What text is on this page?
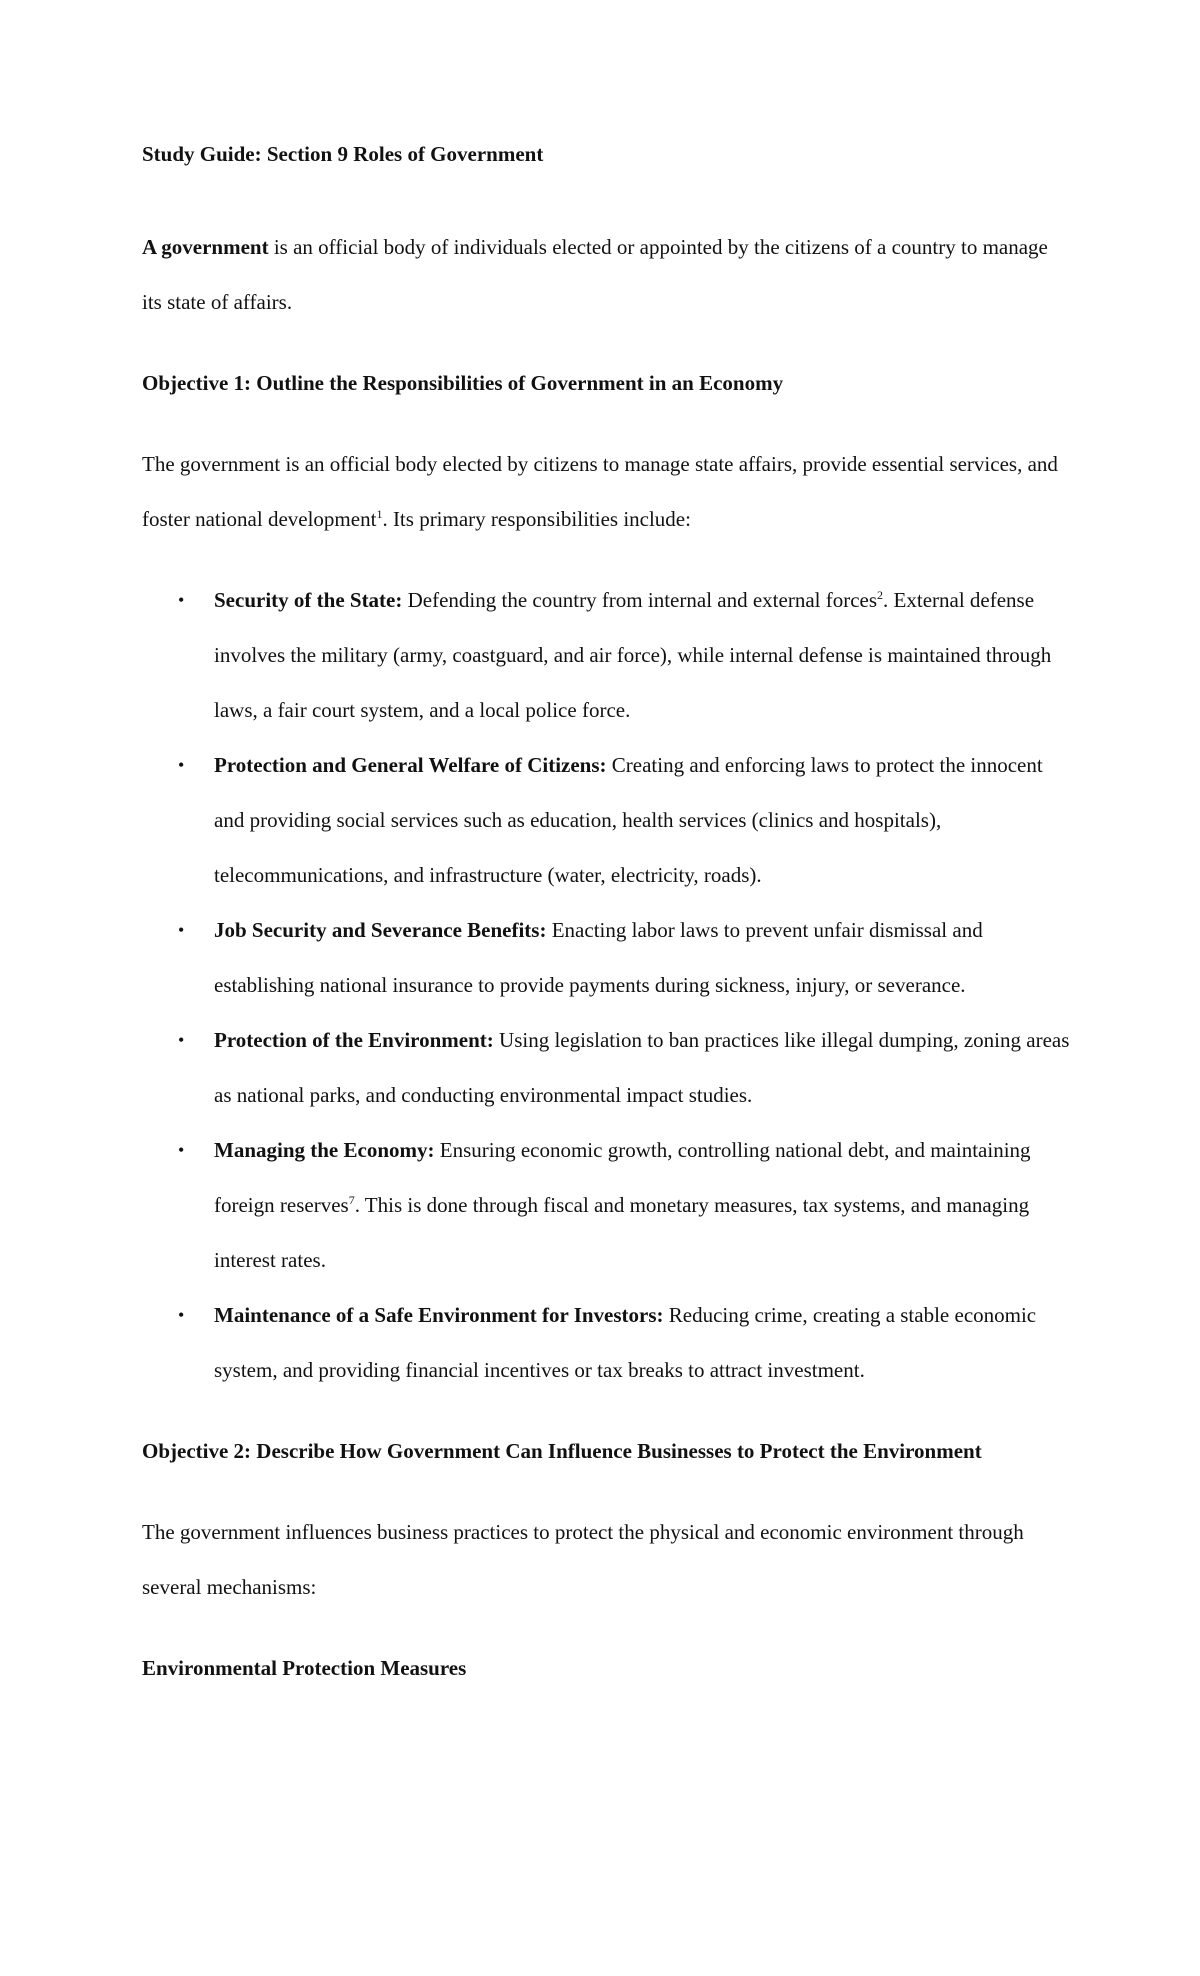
Study Guide: Section 9 Roles of Government

A government is an official body of individuals elected or appointed by the citizens of a country to manage its state of affairs.

Objective 1: Outline the Responsibilities of Government in an Economy

The government is an official body elected by citizens to manage state affairs, provide essential services, and foster national development$^1$. Its primary responsibilities include:

• Security of the State: Defending the country from internal and external forces$^2$. External defense involves the military (army, coastguard, and air force), while internal defense is maintained through laws, a fair court system, and a local police force.
• Protection and General Welfare of Citizens: Creating and enforcing laws to protect the innocent and providing social services such as education, health services (clinics and hospitals), telecommunications, and infrastructure (water, electricity, roads).
• Job Security and Severance Benefits: Enacting labor laws to prevent unfair dismissal and establishing national insurance to provide payments during sickness, injury, or severance.
• Protection of the Environment: Using legislation to ban practices like illegal dumping, zoning areas as national parks, and conducting environmental impact studies.
• Managing the Economy: Ensuring economic growth, controlling national debt, and maintaining foreign reserves$^7$. This is done through fiscal and monetary measures, tax systems, and managing interest rates.
• Maintenance of a Safe Environment for Investors: Reducing crime, creating a stable economic system, and providing financial incentives or tax breaks to attract investment.

Objective 2: Describe How Government Can Influence Businesses to Protect the Environment

The government influences business practices to protect the physical and economic environment through several mechanisms:

Environmental Protection Measures
